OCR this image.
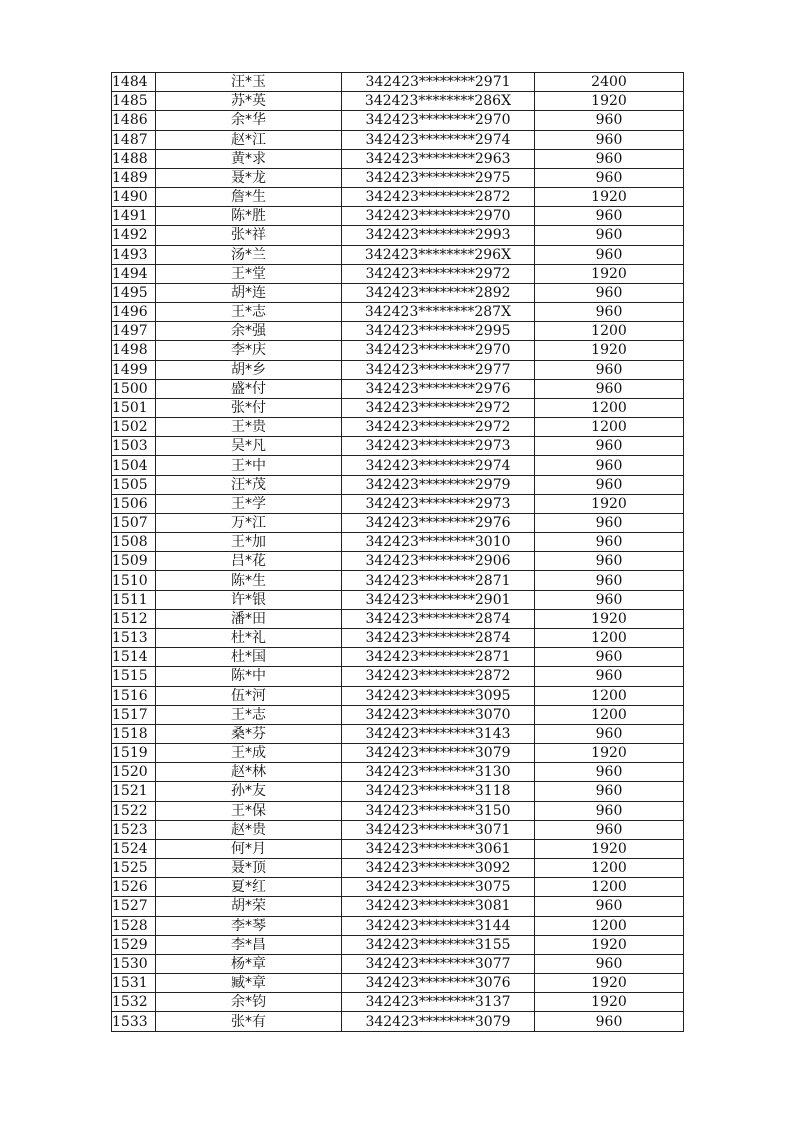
1484	汪*玉	342423********2971	2400
1485	苏*英	342423********286X	1920
1486	余*华	342423********2970	960
1487	赵*江	342423********2974	960
1488	黄*求	342423********2963	960
1489	聂*龙	342423********2975	960
1490	詹*生	342423********2872	1920
1491	陈*胜	342423********2970	960
1492	张*祥	342423********2993	960
1493	汤*兰	342423********296X	960
1494	王*堂	342423********2972	1920
1495	胡*连	342423********2892	960
1496	王*志	342423********287X	960
1497	余*强	342423********2995	1200
1498	李*庆	342423********2970	1920
1499	胡*乡	342423********2977	960
1500	盛*付	342423********2976	960
1501	张*付	342423********2972	1200
1502	王*贵	342423********2972	1200
1503	吴*凡	342423********2973	960
1504	王*中	342423********2974	960
1505	汪*茂	342423********2979	960
1506	王*学	342423********2973	1920
1507	万*江	342423********2976	960
1508	王*加	342423********3010	960
1509	吕*花	342423********2906	960
1510	陈*生	342423********2871	960
1511	许*银	342423********2901	960
1512	潘*田	342423********2874	1920
1513	杜*礼	342423********2874	1200
1514	杜*国	342423********2871	960
1515	陈*中	342423********2872	960
1516	伍*河	342423********3095	1200
1517	王*志	342423********3070	1200
1518	桑*芬	342423********3143	960
1519	王*成	342423********3079	1920
1520	赵*林	342423********3130	960
1521	孙*友	342423********3118	960
1522	王*保	342423********3150	960
1523	赵*贵	342423********3071	960
1524	何*月	342423********3061	1920
1525	聂*顶	342423********3092	1200
1526	夏*红	342423********3075	1200
1527	胡*荣	342423********3081	960
1528	李*琴	342423********3144	1200
1529	李*昌	342423********3155	1920
1530	杨*章	342423********3077	960
1531	臧*章	342423********3076	1920
1532	余*钧	342423********3137	1920
1533	张*有	342423********3079	960
